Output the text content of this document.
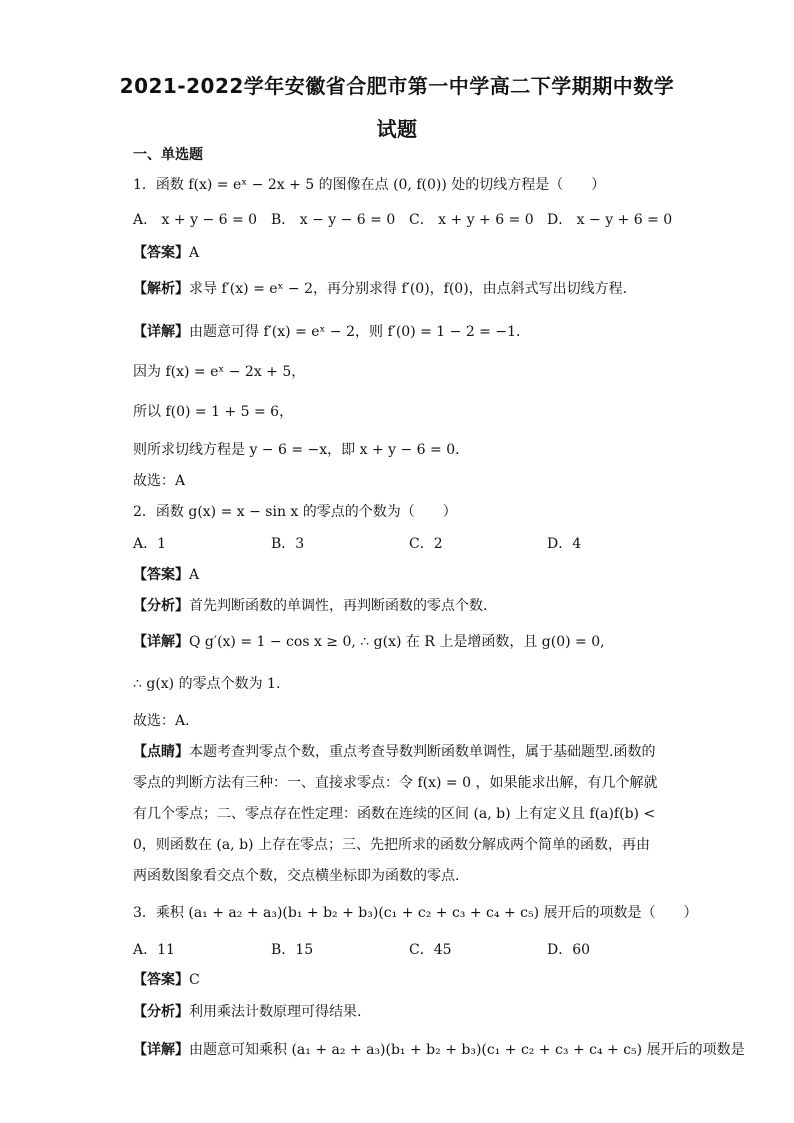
2021-2022学年安徽省合肥市第一中学高二下学期期中数学
试题
一、单选题
1．函数 f(x) = eˣ − 2x + 5 的图像在点 (0, f(0)) 处的切线方程是（　　）
A． x + y − 6 = 0 B． x − y − 6 = 0 C． x + y + 6 = 0 D． x − y + 6 = 0
【答案】A
【解析】求导 f′(x) = eˣ − 2，再分别求得 f′(0)，f(0)，由点斜式写出切线方程.
【详解】由题意可得 f′(x) = eˣ − 2，则 f′(0) = 1 − 2 = −1．
因为 f(x) = eˣ − 2x + 5，
所以 f(0) = 1 + 5 = 6，
则所求切线方程是 y − 6 = −x，即 x + y − 6 = 0．
故选：A
2．函数 g(x) = x − sin x 的零点的个数为（　　）
A．1	B．3	C．2	D．4
【答案】A
【分析】首先判断函数的单调性，再判断函数的零点个数.
【详解】Q g′(x) = 1 − cos x ≥ 0, ∴ g(x) 在 R 上是增函数，且 g(0) = 0,
∴ g(x) 的零点个数为 1.
故选：A.
【点睛】本题考查判零点个数，重点考查导数判断函数单调性，属于基础题型.函数的零点的判断方法有三种：一、直接求零点：令 f(x) = 0 ，如果能求出解，有几个解就有几个零点；二、零点存在性定理：函数在连续的区间 (a, b) 上有定义且 f(a)f(b) < 0，则函数在 (a, b) 上存在零点；三、先把所求的函数分解成两个简单的函数，再由两函数图象看交点个数，交点横坐标即为函数的零点.
3．乘积 (a₁ + a₂ + a₃)(b₁ + b₂ + b₃)(c₁ + c₂ + c₃ + c₄ + c₅) 展开后的项数是（　　）
A．11	B．15	C．45	D．60
【答案】C
【分析】利用乘法计数原理可得结果.
【详解】由题意可知乘积 (a₁ + a₂ + a₃)(b₁ + b₂ + b₃)(c₁ + c₂ + c₃ + c₄ + c₅) 展开后的项数是
